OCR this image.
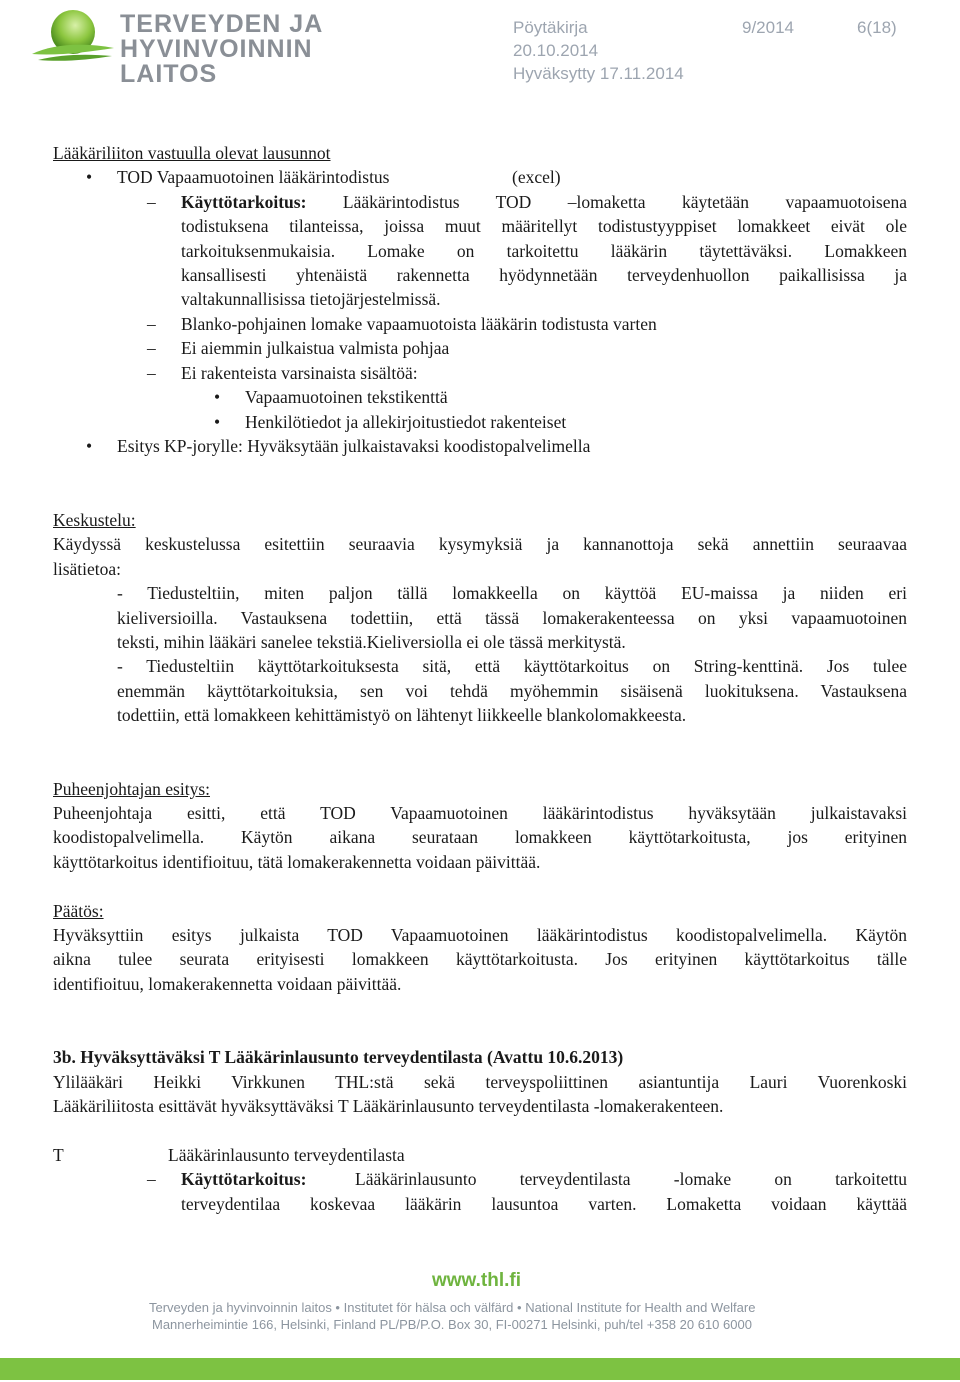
TERVEYDEN JA
HYVINVOINNIN LAITOS
Pöytäkirja	9/2014	6(18)
20.10.2014
Hyväksytty 17.11.2014
Lääkäriliiton vastuulla olevat lausunnot
• TOD Vapaamuotoinen lääkärintodistus	(excel)
– Käyttötarkoitus:	Lääkärintodistus TOD –lomaketta käytetään vapaamuotoisena
todistuksena tilanteissa, joissa muut määritellyt todistustyyppiset lomakkeet eivät ole
tarkoituksenmukaisia. Lomake on tarkoitettu lääkärin täytettäväksi. Lomakkeen
kansallisesti yhtenäistä rakennetta hyödynnetään terveydenhuollon paikallisissa ja
valtakunnallisissa tietojärjestelmissä.
– Blanko-pohjainen lomake vapaamuotoista lääkärin todistusta varten
– Ei aiemmin julkaistua valmista pohjaa
– Ei rakenteista varsinaista sisältöä:
• Vapaamuotoinen tekstikenttä
• Henkilötiedot ja allekirjoitustiedot rakenteiset
• Esitys KP-jorylle: Hyväksytään julkaistavaksi koodistopalvelimella
Keskustelu:
Käydyssä keskustelussa esitettiin seuraavia kysymyksiä ja kannanottoja sekä annettiin seuraavaa
lisätietoa:
- Tiedusteltiin, miten paljon tällä lomakkeella on käyttöä EU-maissa ja niiden eri
kieliversioilla. Vastauksena todettiin, että tässä lomakerakenteessa on yksi vapaamuotoinen
teksti, mihin lääkäri sanelee tekstiä.Kieliversiolla ei ole tässä merkitystä.
- Tiedusteltiin käyttötarkoituksesta sitä, että käyttötarkoitus on String-kenttinä. Jos tulee
enemmän käyttötarkoituksia, sen voi tehdä myöhemmin sisäisenä luokituksena. Vastauksena
todettiin, että lomakkeen kehittämistyö on lähtenyt liikkeelle blankolomakkeesta.
Puheenjohtajan esitys:
Puheenjohtaja esitti, että TOD Vapaamuotoinen lääkärintodistus hyväksytään julkaistavaksi
koodistopalvelimella. Käytön aikana seurataan lomakkeen käyttötarkoitusta, jos erityinen
käyttötarkoitus identifioituu, tätä lomakerakennetta voidaan päivittää.
Päätös:
Hyväksyttiin esitys julkaista TOD Vapaamuotoinen lääkärintodistus koodistopalvelimella. Käytön
aikna tulee seurata erityisesti lomakkeen käyttötarkoitusta. Jos erityinen käyttötarkoitus tälle
identifioituu, lomakerakennetta voidaan päivittää.
3b. Hyväksyttäväksi T Lääkärinlausunto terveydentilasta (Avattu 10.6.2013)
Ylilääkäri Heikki Virkkunen THL:stä sekä terveyspoliittinen asiantuntija Lauri Vuorenkoski
Lääkäriliitosta esittävät hyväksyttäväksi T Lääkärinlausunto terveydentilasta -lomakerakenteen.
T	Lääkärinlausunto terveydentilasta
– Käyttötarkoitus:	Lääkärinlausunto terveydentilasta -lomake on tarkoitettu
terveydentilaa koskevaa lääkärin lausuntoa varten. Lomaketta voidaan käyttää
www.thl.fi
Terveyden ja hyvinvoinnin laitos • Institutet för hälsa och välfärd • National Institute for Health and Welfare
Mannerheimintie 166, Helsinki, Finland PL/PB/P.O. Box 30, FI-00271 Helsinki, puh/tel +358 20 610 6000
